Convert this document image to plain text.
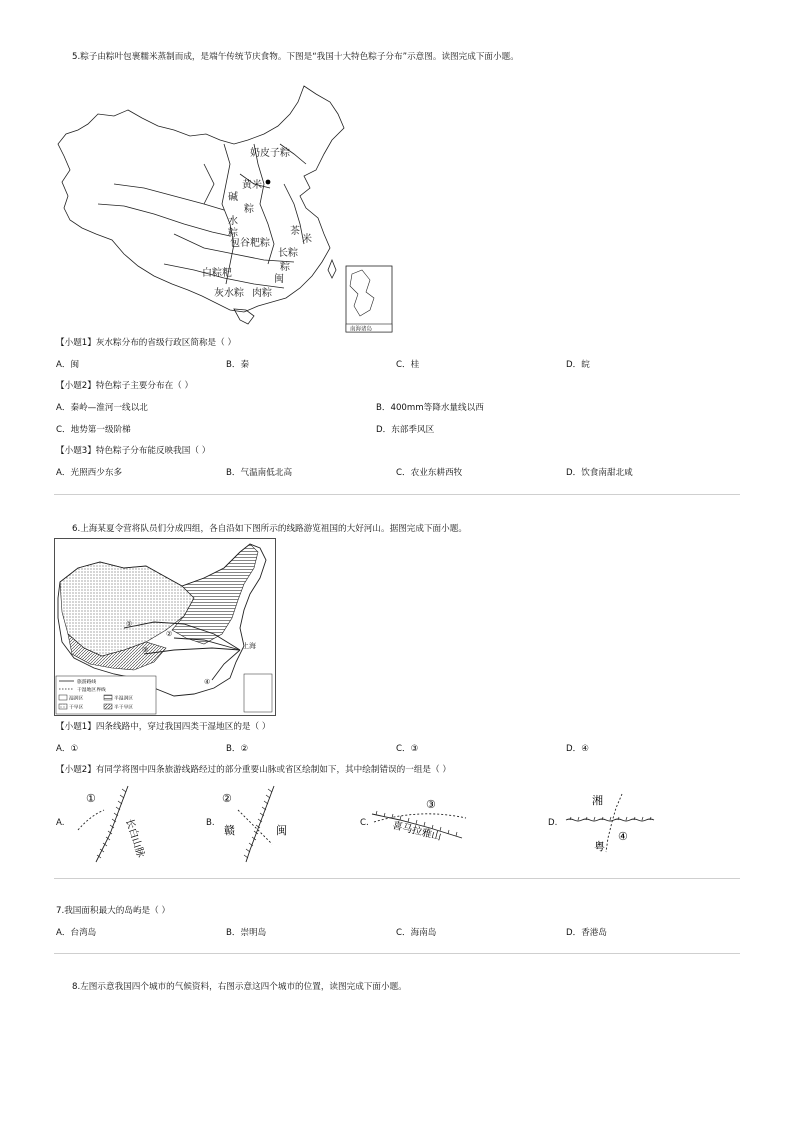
5.粽子由粽叶包裹糯米蒸制而成，是端午传统节庆食物。下图是“我国十大特色粽子分布”示意图。读图完成下面小题。
奶皮子粽
黄米
粽
碱
水
粽
包谷粑粽
茶
米
长粽
粽
闽
白粽粑
灰水粽 肉粽
南海诸岛
【小题1】灰水粽分布的省级行政区简称是（ ）
A．闽	B．秦	C．桂	D．皖
【小题2】特色粽子主要分布在（ ）
A．秦岭—淮河一线以北	B．400mm等降水量线以西
C．地势第一级阶梯	D．东部季风区
【小题3】特色粽子分布能反映我国（ ）
A．光照西少东多	B．气温南低北高	C．农业东耕西牧	D．饮食南甜北咸
6.上海某夏令营将队员们分成四组，各自沿如下图所示的线路游览祖国的大好河山。据图完成下面小题。
上海
①
②
③
④
旅游路线
干湿地区界线
湿润区	半湿润区
干旱区	半干旱区
【小题1】四条线路中，穿过我国四类干湿地区的是（ ）
A．①	B．②	C．③	D．④
【小题2】有同学将图中四条旅游线路经过的部分重要山脉或省区绘制如下，其中绘制错误的一组是（ ）
A.
①
长白山脉	B.
②
赣	闽
C.
③
喜马拉雅山	D.
湘
④
粤
7.我国面积最大的岛屿是（ ）
A．台湾岛	B．崇明岛	C．海南岛	D．香港岛
8.左图示意我国四个城市的气候资料，右图示意这四个城市的位置，读图完成下面小题。
